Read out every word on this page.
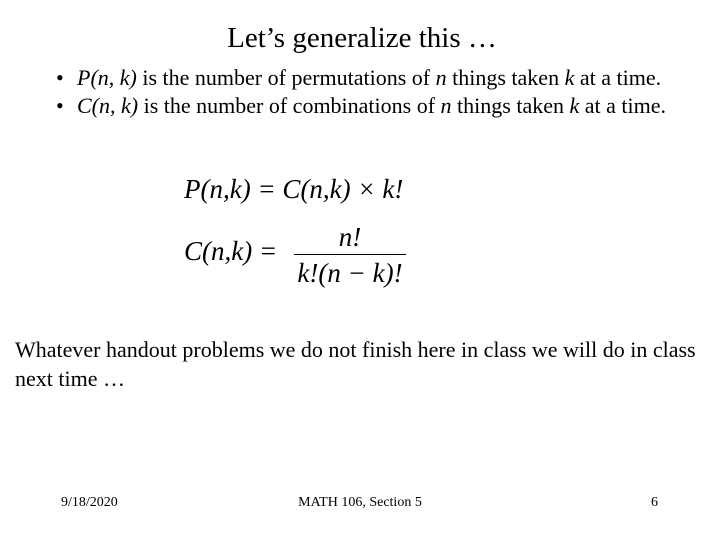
Let’s generalize this …
• P(n, k) is the number of permutations of n things taken k at a time.
• C(n, k) is the number of combinations of n things taken k at a time.
P(n,k) = C(n,k) × k!
C(n,k) =	n!
k!(n − k)!
Whatever handout problems we do not finish here in class we will do in class next time …
9/18/2020	MATH 106, Section 5	6
